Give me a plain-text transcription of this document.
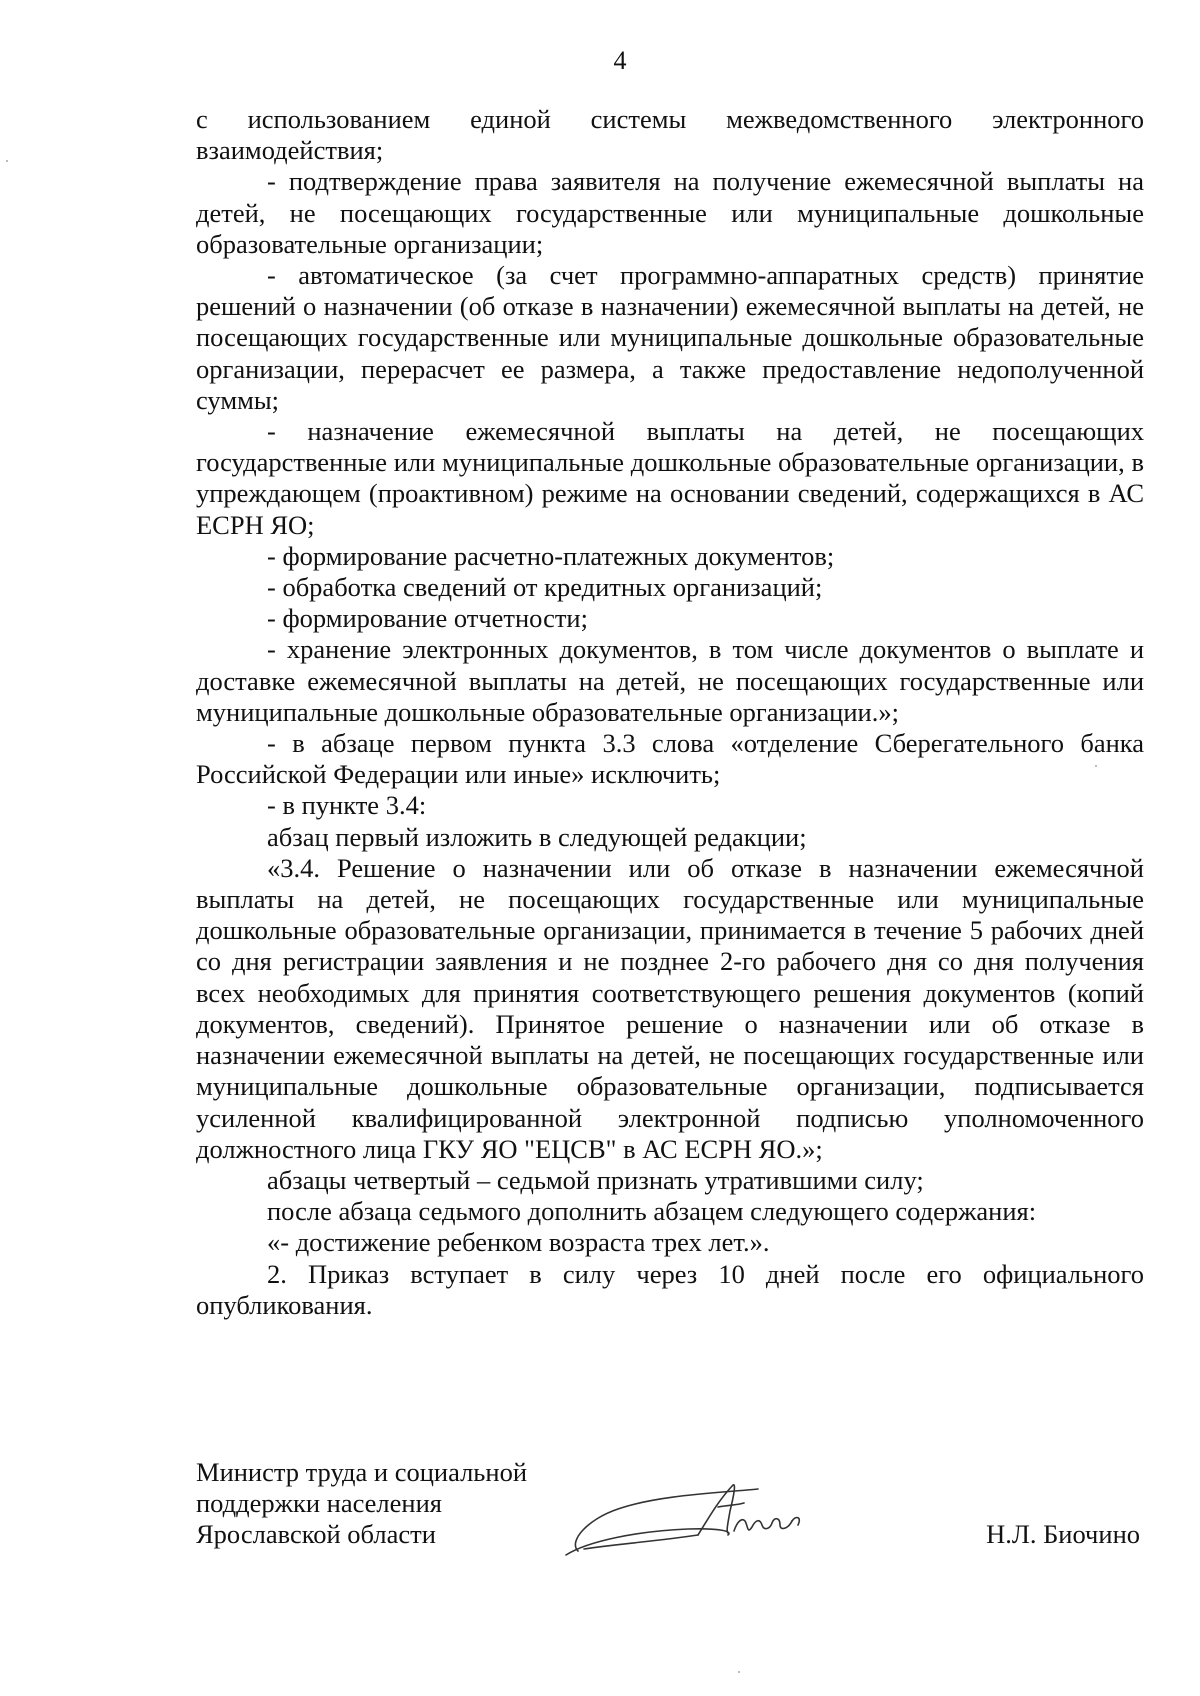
4

с использованием единой системы межведомственного электронного взаимодействия;

- подтверждение права заявителя на получение ежемесячной выплаты на детей, не посещающих государственные или муниципальные дошкольные образовательные организации;

- автоматическое (за счет программно-аппаратных средств) принятие решений о назначении (об отказе в назначении) ежемесячной выплаты на детей, не посещающих государственные или муниципальные дошкольные образовательные организации, перерасчет ее размера, а также предоставление недополученной суммы;

- назначение ежемесячной выплаты на детей, не посещающих государственные или муниципальные дошкольные образовательные организации, в упреждающем (проактивном) режиме на основании сведений, содержащихся в АС ЕСРН ЯО;

- формирование расчетно-платежных документов;

- обработка сведений от кредитных организаций;

- формирование отчетности;

- хранение электронных документов, в том числе документов о выплате и доставке ежемесячной выплаты на детей, не посещающих государственные или муниципальные дошкольные образовательные организации.»;

- в абзаце первом пункта 3.3 слова «отделение Сберегательного банка Российской Федерации или иные» исключить;

- в пункте 3.4:

абзац первый изложить в следующей редакции;

«3.4. Решение о назначении или об отказе в назначении ежемесячной выплаты на детей, не посещающих государственные или муниципальные дошкольные образовательные организации, принимается в течение 5 рабочих дней со дня регистрации заявления и не позднее 2-го рабочего дня со дня получения всех необходимых для принятия соответствующего решения документов (копий документов, сведений). Принятое решение о назначении или об отказе в назначении ежемесячной выплаты на детей, не посещающих государственные или муниципальные дошкольные образовательные организации, подписывается усиленной квалифицированной электронной подписью уполномоченного должностного лица ГКУ ЯО "ЕЦСВ" в АС ЕСРН ЯО.»;

абзацы четвертый – седьмой признать утратившими силу;

после абзаца седьмого дополнить абзацем следующего содержания:

«- достижение ребенком возраста трех лет.».

2. Приказ вступает в силу через 10 дней после его официального опубликования.

Министр труда и социальной
поддержки населения
Ярославской области	Н.Л. Биочино
